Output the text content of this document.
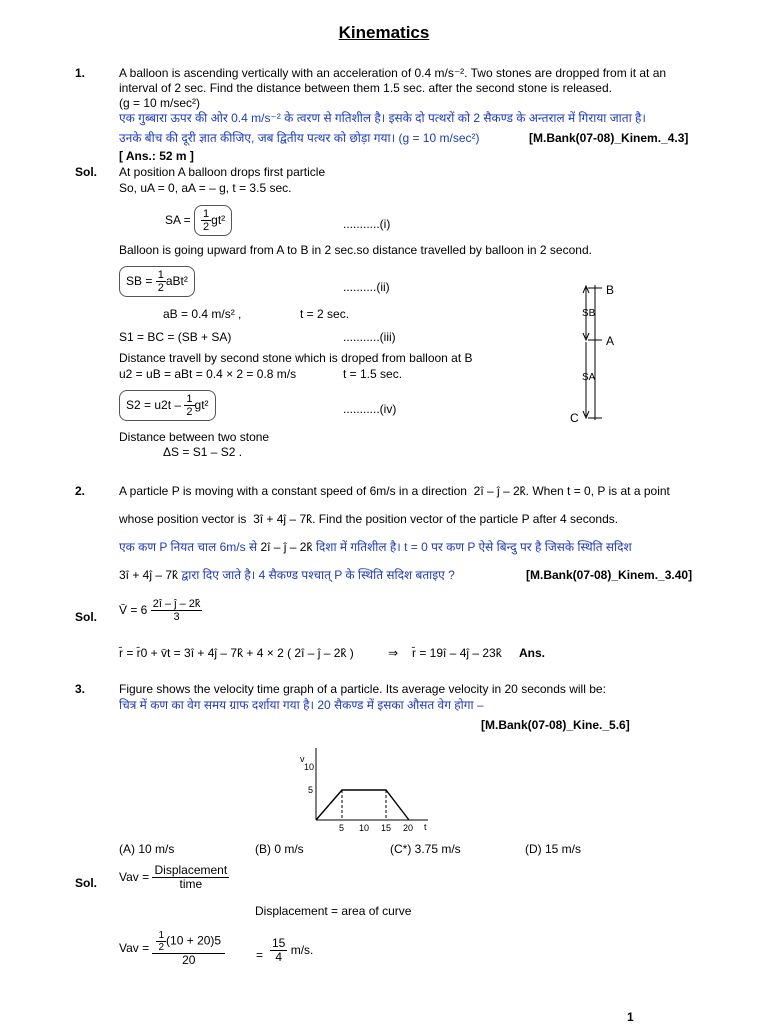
Kinematics
1.	A balloon is ascending vertically with an acceleration of 0.4 m/s⁻². Two stones are dropped from it at an
interval of 2 sec. Find the distance between them 1.5 sec. after the second stone is released.
(g = 10 m/sec²)
एक गुब्बारा ऊपर की ओर 0.4 m/s⁻² के त्वरण से गतिशील है। इसके दो पत्थरों को 2 सैकण्ड के अन्तराल में गिराया जाता है।
उनके बीच की दूरी ज्ञात कीजिए, जब द्वितीय पत्थर को छोड़ा गया। (g = 10 m/sec²)	[M.Bank(07-08)_Kinem._4.3]
[ Ans.: 52 m ]
Sol. At position A balloon drops first particle
So, uA = 0, aA = – g, t = 3.5 sec.
SA = $\frac{1}{2} gt^2$	...........(i)
Balloon is going upward from A to B in 2 sec.so distance travelled by balloon in 2 second.
SB = $\frac{1}{2} aBt^2$	..........(ii)
aB = 0.4 m/s² ,	t = 2 sec.
S1 = BC = (SB + SA)	...........(iii)
Distance travell by second stone which is droped from balloon at B
u2 = uB = aBt = 0.4 × 2 = 0.8 m/s	t = 1.5 sec.
$S2 = u2t - \frac{1}{2} gt^2$	...........(iv)
Distance between two stone
ΔS = S1 – S2 .
B
A
C
SB
SA
2.	A particle P is moving with a constant speed of 6m/s in a direction 2î – ĵ – 2k̂. When t = 0, P is at a point
whose position vector is 3î + 4ĵ – 7k̂. Find the position vector of the particle P after 4 seconds.
एक कण P नियत चाल 6m/s से 2î – ĵ – 2k̂ दिशा में गतिशील है। t = 0 पर कण P ऐसे बिन्दु पर है जिसके स्थिति सदिश
3î + 4ĵ – 7k̂ द्वारा दिए जाते है। 4 सैकण्ड पश्चात् P के स्थिति सदिश बताइए ?	[M.Bank(07-08)_Kinem._3.40]
Sol.
V̄ = $6 \frac{2î - ĵ - 2k̂}{3}$
r̄ = r̄0 + v̄t = 3î + 4ĵ – 7k̂ + 4 × 2 ( 2î – ĵ – 2k̂ )	⇒ r̄ = 19î – 4ĵ – 23k̂ Ans.
3.	Figure shows the velocity time graph of a particle. Its average velocity in 20 seconds will be:
चित्र में कण का वेग समय ग्राफ दर्शाया गया है। 20 सैकण्ड में इसका औसत वेग होगा –
[M.Bank(07-08)_Kine._5.6]
v
t
10
5
5 10 15 20
(A) 10 m/s	(B) 0 m/s	(C*) 3.75 m/s	(D) 15 m/s
Sol. Vav = $\frac{\text{Displacement}}{\text{time}}$
Displacement = area of curve
Vav = $\frac{\frac{1}{2} (10 + 20)5}{20}$	= $\frac{15}{4} m/s$.
1
